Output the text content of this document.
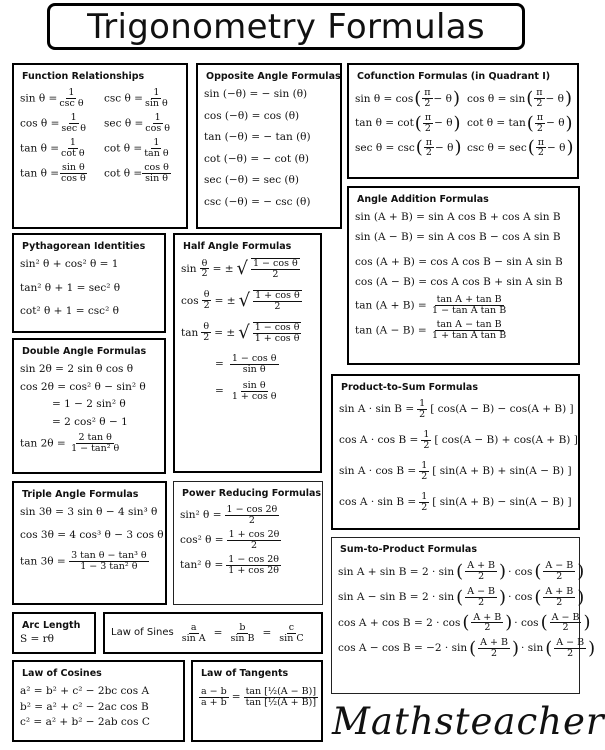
Trigonometry Formulas
Function Relationships
sin θ = 1
csc θ $\csc \theta = \frac{1}{\text{sin θ}}$
cos θ = 1
sec θ $\sec \theta = \frac{1}{\text{cos θ}}$
$\tan \theta = \frac{1}{\text{cot θ}}$ $\cot \theta = \frac{1}{\text{tan θ}}$
$\tan \theta = \frac{\text{sin θ}}{\text{cos θ}}$ $\cot \theta = \frac{\text{cos θ}}{\text{sin θ}}$
Opposite Angle Formulas
sin (−θ) = − sin (θ)
cos (−θ) = cos (θ)
tan (−θ) = − tan (θ)
cot (−θ) = − cot (θ)
sec (−θ) = sec (θ)
csc (−θ) = − csc (θ)
Cofunction Formulas (in Quadrant I)
sin θ = cos ( $\frac{\pi}{2} - \theta$ ) cos θ = sin ( $\frac{\pi}{2} - \theta$ )
tan θ = cot ( $\frac{\pi}{2} - \theta$ ) cot θ = tan ( $\frac{\pi}{2} - \theta$ )
sec θ = csc ( $\frac{\pi}{2} - \theta$ ) csc θ = sec ( $\frac{\pi}{2} - \theta$ )
Angle Addition Formulas
sin (A + B) = sin A cos B + cos A sin B
sin (A − B) = sin A cos B − cos A sin B
cos (A + B) = cos A cos B − sin A sin B
cos (A − B) = cos A cos B + sin A sin B
$\tan (A + B) = \frac{\text{tan A + tan B}}{\text{1 − tan A tan B}}$
$\tan (A - B) = \frac{\text{tan A − tan B}}{\text{1 + tan A tan B}}$
Pythagorean Identities
sin² θ + cos² θ = 1
tan² θ + 1 = sec² θ
cot² θ + 1 = csc² θ
Half Angle Formulas
$\sin \frac{\theta}{2}$ = ± √ $\frac{\text{1 − cos θ}}{2}$
$\cos \frac{\theta}{2}$ = ± √ $\frac{\text{1 + cos θ}}{2}$
$\tan \frac{\theta}{2}$ = ± √ $\frac{\text{1 − cos θ}}{\text{1 + cos θ}}$
= $\frac{\text{1 − cos θ}}{\text{sin θ}}$
= $\frac{\text{sin θ}}{\text{1 + cos θ}}$
Double Angle Formulas
sin 2θ = 2 sin θ cos θ
cos 2θ = cos² θ − sin² θ
= 1 − 2 sin² θ
= 2 cos² θ − 1
$\tan 2\theta = \frac{\text{2 tan θ}}{\text{1 − tan² θ}}$
Product-to-Sum Formulas
$\sin A \cdot \sin B = \frac{1}{2}$ [ cos(A − B) − cos(A + B) ]
$\cos A \cdot \cos B = \frac{1}{2}$ [ cos(A − B) + cos(A + B) ]
$\sin A \cdot \cos B = \frac{1}{2}$ [ sin(A + B) + sin(A − B) ]
$\cos A \cdot \sin B = \frac{1}{2}$ [ sin(A + B) − sin(A − B) ]
Triple Angle Formulas
sin 3θ = 3 sin θ − 4 sin³ θ
cos 3θ = 4 cos³ θ − 3 cos θ
$\tan 3\theta = \frac{\text{3 tan θ − tan³ θ}}{\text{1 − 3 tan² θ}}$
Power Reducing Formulas
sin² $\theta = \frac{1 - \cos 2\theta}{2}$
cos² $\theta = \frac{1 + \cos 2\theta}{2}$
tan² $\theta = \frac{1 - \cos 2\theta}{1 + \cos 2\theta}$
Sum-to-Product Formulas
sin A + sin B = 2 · sin ( $\frac{A + B}{2}$ ) · cos ( $\frac{A - B}{2}$ )
sin A − sin B = 2 · sin ( $\frac{A - B}{2}$ ) · cos ( $\frac{A + B}{2}$ )
cos A + cos B = 2 · cos ( $\frac{A + B}{2}$ ) · cos ( $\frac{A - B}{2}$ )
cos A − cos B = −2 · sin ( $\frac{A + B}{2}$ ) · sin ( $\frac{A - B}{2}$ )
Arc Length
S = rθ
Law of Sines $\frac{a}{\text{sin A}} = \frac{b}{\text{sin B}} = \frac{c}{\text{sin C}}$
Law of Cosines
a² = b² + c² − 2bc cos A
b² = a² + c² − 2ac cos B
c² = a² + b² − 2ab cos C
Law of Tangents
$\frac{a - b}{a + b} = \frac{\text{tan [½(A − B)]}}{\text{tan [½(A + B)]}}$
Mathsteacher
